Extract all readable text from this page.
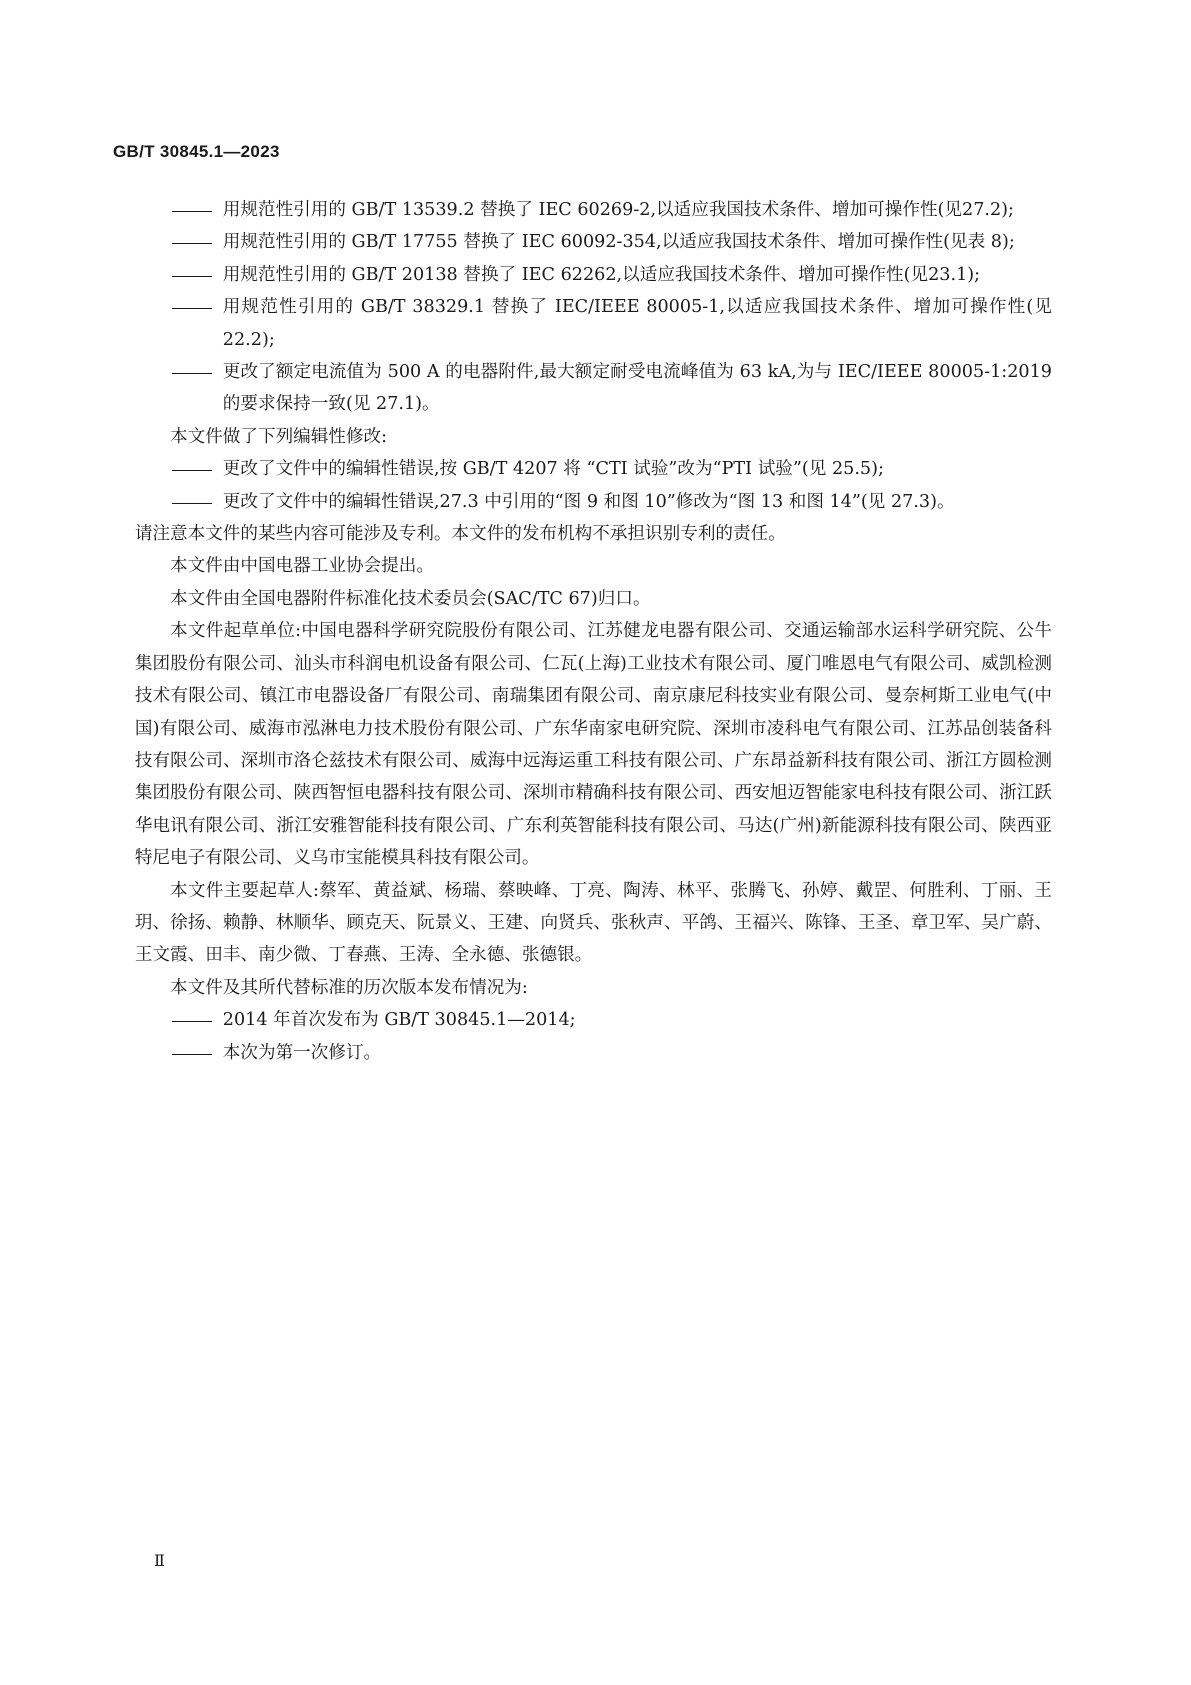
GB/T 30845.1—2023

用规范性引用的 GB/T 13539.2 替换了 IEC 60269-2,以适应我国技术条件、增加可操作性(见27.2);

用规范性引用的 GB/T 17755 替换了 IEC 60092-354,以适应我国技术条件、增加可操作性(见表 8);

用规范性引用的 GB/T 20138 替换了 IEC 62262,以适应我国技术条件、增加可操作性(见23.1);

用规范性引用的 GB/T 38329.1 替换了 IEC/IEEE 80005-1,以适应我国技术条件、增加可操作性(见 22.2);

更改了额定电流值为 500 A 的电器附件,最大额定耐受电流峰值为 63 kA,为与 IEC/IEEE 80005-1:2019 的要求保持一致(见 27.1)。

本文件做了下列编辑性修改:

更改了文件中的编辑性错误,按 GB/T 4207 将 “CTI 试验”改为“PTI 试验”(见 25.5);

更改了文件中的编辑性错误,27.3 中引用的“图 9 和图 10”修改为“图 13 和图 14”(见 27.3)。

请注意本文件的某些内容可能涉及专利。本文件的发布机构不承担识别专利的责任。

本文件由中国电器工业协会提出。

本文件由全国电器附件标准化技术委员会(SAC/TC 67)归口。

本文件起草单位:中国电器科学研究院股份有限公司、江苏健龙电器有限公司、交通运输部水运科学研究院、公牛集团股份有限公司、汕头市科润电机设备有限公司、仁瓦(上海)工业技术有限公司、厦门唯恩电气有限公司、威凯检测技术有限公司、镇江市电器设备厂有限公司、南瑞集团有限公司、南京康尼科技实业有限公司、曼奈柯斯工业电气(中国)有限公司、威海市泓淋电力技术股份有限公司、广东华南家电研究院、深圳市凌科电气有限公司、江苏品创装备科技有限公司、深圳市洛仑兹技术有限公司、威海中远海运重工科技有限公司、广东昂益新科技有限公司、浙江方圆检测集团股份有限公司、陕西智恒电器科技有限公司、深圳市精确科技有限公司、西安旭迈智能家电科技有限公司、浙江跃华电讯有限公司、浙江安雅智能科技有限公司、广东利英智能科技有限公司、马达(广州)新能源科技有限公司、陕西亚特尼电子有限公司、义乌市宝能模具科技有限公司。

本文件主要起草人:蔡军、黄益斌、杨瑞、蔡映峰、丁亮、陶涛、林平、张腾飞、孙婷、戴罡、何胜利、丁丽、王玥、徐扬、赖静、林顺华、顾克天、阮景义、王建、向贤兵、张秋声、平鸽、王福兴、陈锋、王圣、章卫军、吴广蔚、王文霞、田丰、南少微、丁春燕、王涛、全永德、张德银。

本文件及其所代替标准的历次版本发布情况为:

2014 年首次发布为 GB/T 30845.1—2014;

本次为第一次修订。

Ⅱ
